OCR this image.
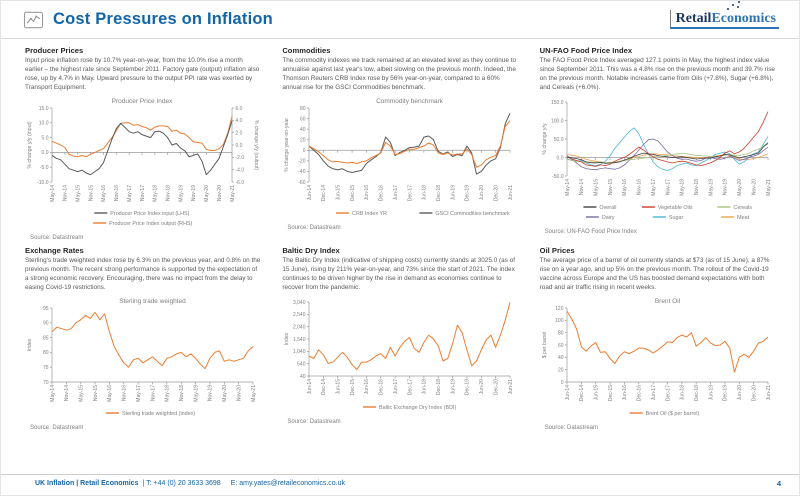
Cost Pressures on Inflation	RetailEconomics
Producer Prices

Input price inflation rose by 10.7% year-on-year, from the 10.0% rise a month earlier – the highest rate since September 2011. Factory gate (output) inflation also rose, up by 4.7% in May. Upward pressure to the output PPI rate was exerted by Transport Equipment.

Producer Price Index
15.0
10.0
5.0
0.0
-5.0
-10.0
% change y/y (input)
6.0
4.0
2.0
0.0
-2.0
-4.0
-6.0
% change y/y (output)
May-14 Nov-14 May-15 Nov-15 May-16 Nov-16 May-17 Nov-17 May-18 Nov-18 May-19 Nov-19 May-20 Nov-20 May-21
Producer Price Index input (LHS)
Producer Price Index output (RHS)
Source: Datastream
Commodities

The commodity indexes we track remained at an elevated level as they continue to annualise against last year's low, albeit slowing on the previous month. Indeed, the Thomson Reuters CRB Index rose by 56% year-on-year, compared to a 60% annual rise for the GSCI Commodities benchmark.

Commodity benchmark
80
60
40
20
0
-20
-40
-60
% change year-on-year
Jun-14 Dec-14 Jun-15 Dec-15 Jun-16 Dec-16 Jun-17 Dec-17 Jun-18 Dec-18 Jun-19 Dec-19 Jun-20 Dec-20 Jun-21
CRB Index YR	GSCI Commodities benchmark
Source: Datastream
UN-FAO Food Price Index

The FAO Food Price Index averaged 127.1 points in May, the highest index value since September 2011. This was a 4.8% rise on the previous month and 39.7% rise on the previous month. Notable increases came from Oils (+7.8%), Sugar (+6.8%), and Cereals (+6.0%).

150.0
100.0
50.0
0.0
-50.0
% change y/y
May-14 Nov-14 May-15 Nov-15 May-16 Nov-16 May-17 Nov-17 May-18 Nov-18 May-19 Nov-19 May-20 Nov-20 May-21
Overall	Vegetable Oils	Cereals
Dairy	Sugar	Meat
Source: UN-FAO Food Price Index
Exchange Rates

Sterling's trade weighted index rose by 6.3% on the previous year, and 0.8% on the previous month. The recent strong performance is supported by the expectation of a strong economic recovery. Encouraging, there was no impact from the delay to easing Covid-19 restrictions.

Sterling trade weighted
95
90
85
80
75
70
Index
May-14 Nov-14 May-15 Nov-15 May-16 Nov-16 May-17 Nov-17 May-18 Nov-18 May-19 Nov-19 May-20 Nov-20 May-21
Sterling trade weighted (index)
Source: Datastream
Baltic Dry Index

The Baltic Dry Index (indicative of shipping costs) currently stands at 3025.0 (as of 15 June), rising by 211% year-on-year, and 73% since the start of 2021. The index continues to be driven higher by the rise in demand as economies continue to recover from the pandemic.

3,040
2,540
2,040
1,540
1,040
540
40
Index
Jun-14 Dec-14 Jun-15 Dec-15 Jun-16 Dec-16 Jun-17 Dec-17 Jun-18 Dec-18 Jun-19 Dec-19 Jun-20 Dec-20 Jun-21
Baltic Exchange Dry Index (BDI)
Source: Datastream
Oil Prices

The average price of a barrel of oil currently stands at $73 (as of 15 June), a 87% rise on a year ago, and up 5% on the previous month. The rollout of the Covid-19 vaccine across Europe and the US has boosted demand expectations with both road and air traffic rising in recent weeks.

Brent Oil
120
100
80
60
40
20
0
$ per barrel
Jun-14 Dec-14 Jun-15 Dec-15 Jun-16 Dec-16 Jun-17 Dec-17 Jun-18 Dec-18 Jun-19 Dec-19 Jun-20 Dec-20 Jun-21
Brent Oil ($ per barrel)
Source: Datastream
UK Inflation | Retail Economics | T: +44 (0) 20 3633 3698 E: amy.yates@retaileconomics.co.uk	4
